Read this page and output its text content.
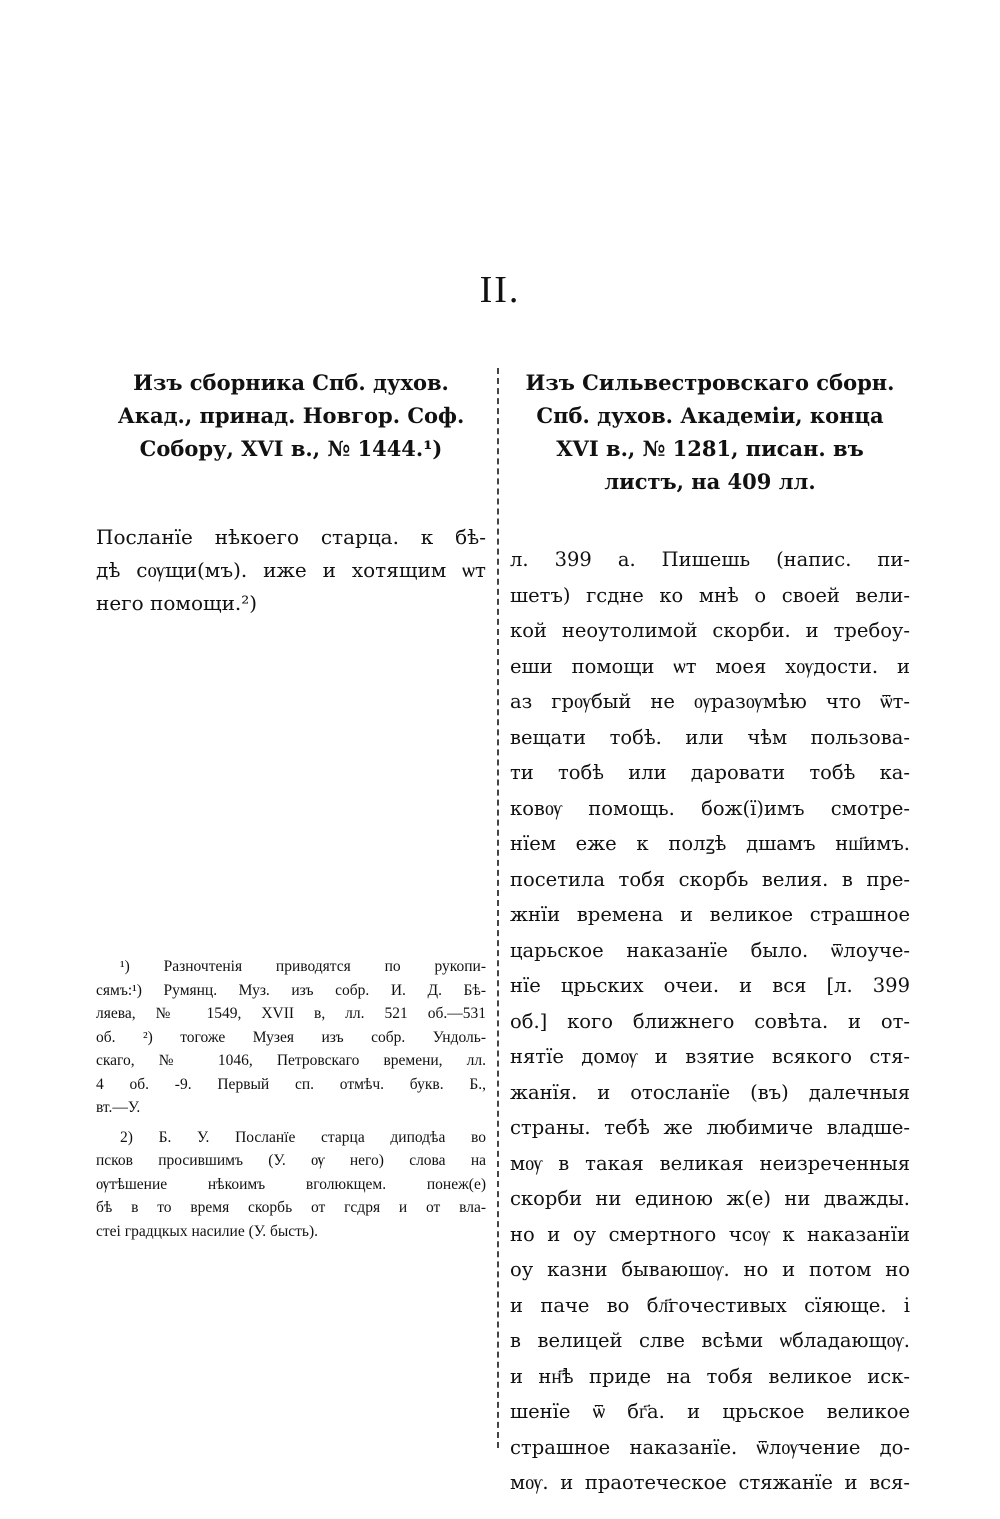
II.
Изъ сборника Спб. духов.
Акад., принад. Новгор. Соф.
Собору, XVI в., № 1444.¹)
Посланїе нѣкоего старца. к бѣ-
дѣ сѹщи(мъ). иже и хотящим ѡт
него помощи.²)
Изъ Сильвестровскаго сборн.
Спб. духов. Академіи, конца
XVI в., № 1281, писан. въ
листъ, на 409 лл.
л. 399 а. Пишешь (напис. пи-
шетъ) гсдне ко мнѣ о своей вели-
кой неоутолимой скорби. и требоу-
еши помощи ѡт моея хѹдости. и
аз грѹбый не ѹразѹмѣю что ѿт-
вещати тобѣ. или чѣм пользова-
ти тобѣ или даровати тобѣ ка-
ковѹ помощь. бож(ї)имъ смотре-
нїем еже к полꙁѣ дшамъ нш҃имъ.
посетила тобя скорбь велия. в пре-
жнїи времена и великое страшное
царьское наказанїе было. ѿлоуче-
нїе црьских очеи. и вся [л. 399
об.] кого ближнего совѣта. и от-
нятїе домѹ и взятие всякого стя-
жанїя. и отосланїе (въ) далечныя
страны. тебѣ же любимиче владше-
мѹ в такая великая неизреченныя
скорби ни единою ж(е) ни дважды.
но и оу смертного чсѹ к наказанїи
оу казни бываюшѹ. но и потом но
и паче во бл҃гочестивых сїяюще. і
в велицей слве всѣми ѡбладающѹ.
и нн҃ѣ приде на тобя великое иск-
шенїе ѿ бг҃а. и црьское великое
страшное наказанїе. ѿлѹчение до-
мѹ. и праотеческое стяжанїе и вся-
¹) Разночтенія приводятся по рукопи-
сямъ:¹) Румянц. Муз. изъ собр. И. Д. Бѣ-
ляева, № 1549, XVII в, лл. 521 об.—531
об. ²) тогоже Музея изъ собр. Ундоль-
скаго, № 1046, Петровскаго времени, лл.
4 об. -9. Первый сп. отмѣч. букв. Б.,
вт.—У.
2) Б. У. Посланїе старца диподѣа во
псков просившимъ (У. ѹ него) слова на
ѹтѣшение нѣкоимъ вголюкщем. понеж(е)
бѣ в то время скорбь от гсдря и от вла-
стеі градцкых насилие (У. бысть).
